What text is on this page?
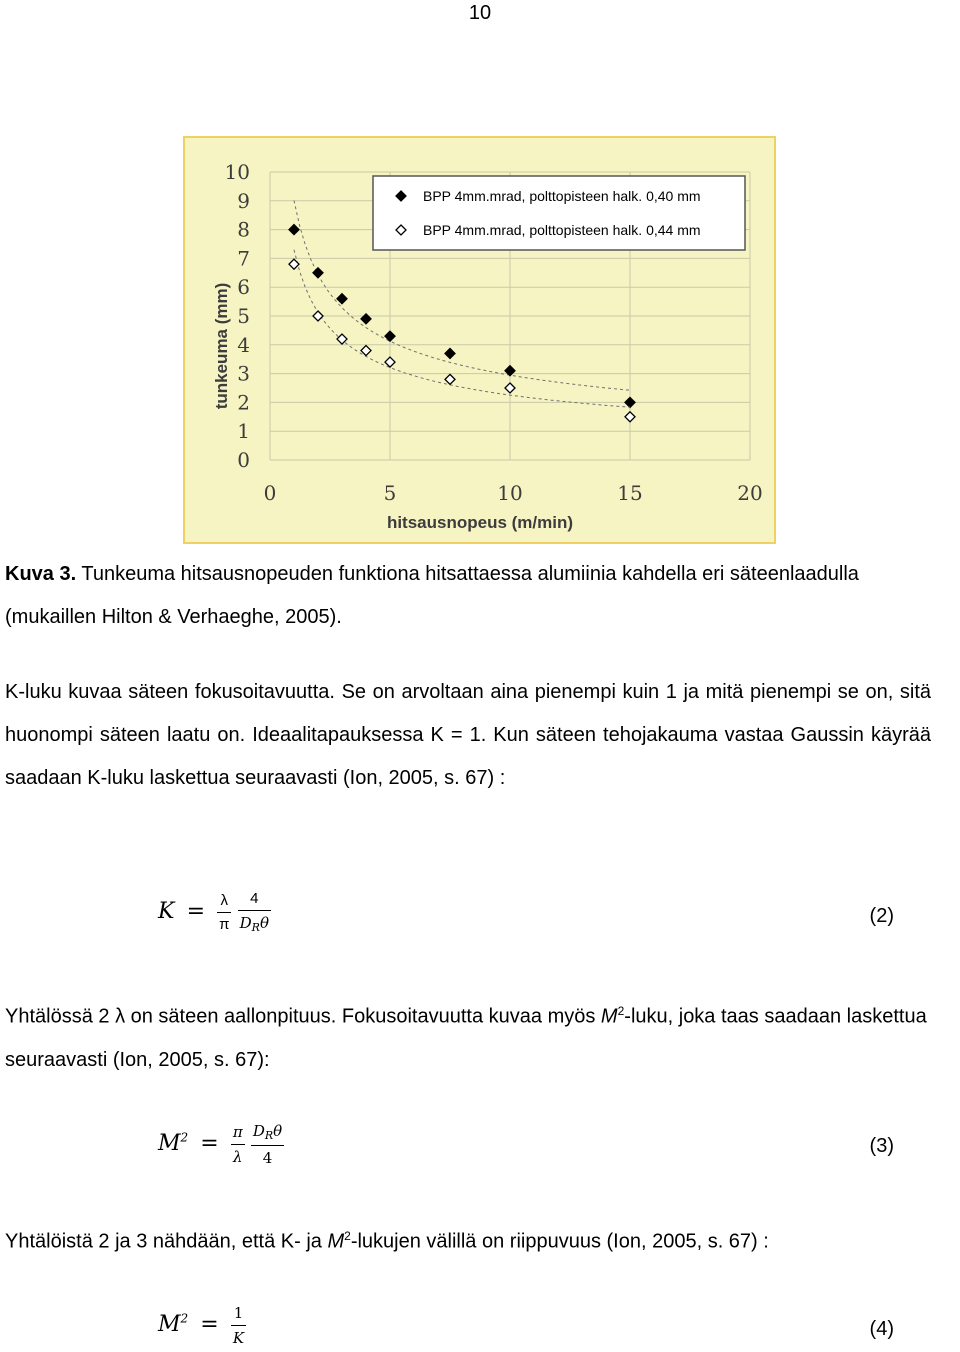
10
0
1
2
3
4
5
6
7
8
9
10
0	5	10	15	20
hitsausnopeus (m/min)
tunkeuma (mm)
BPP 4mm.mrad, polttopisteen halk. 0,40 mm
BPP 4mm.mrad, polttopisteen halk. 0,44 mm
Kuva 3. Tunkeuma hitsausnopeuden funktiona hitsattaessa alumiinia kahdella eri säteenlaadulla (mukaillen Hilton & Verhaeghe, 2005).
K-luku kuvaa säteen fokusoitavuutta. Se on arvoltaan aina pienempi kuin 1 ja mitä pienempi se on, sitä huonompi säteen laatu on. Ideaalitapauksessa K = 1. Kun säteen tehojakauma vastaa Gaussin käyrää saadaan K-luku laskettua seuraavasti (Ion, 2005, s. 67) :
$K = \frac{\lambda}{\pi}$
$\frac{4}{D_R\theta}$	(2)
Yhtälössä 2 λ on säteen aallonpituus. Fokusoitavuutta kuvaa myös $M^2$-luku, joka taas saadaan laskettua seuraavasti (Ion, 2005, s. 67):
$M^2 = \frac{\pi}{\lambda}$
$\frac{D_R\theta}{4}$	(3)
Yhtälöistä 2 ja 3 nähdään, että K- ja $M^2$-lukujen välillä on riippuvuus (Ion, 2005, s. 67) :
$M^2 = \frac{1}{K}$	(4)
